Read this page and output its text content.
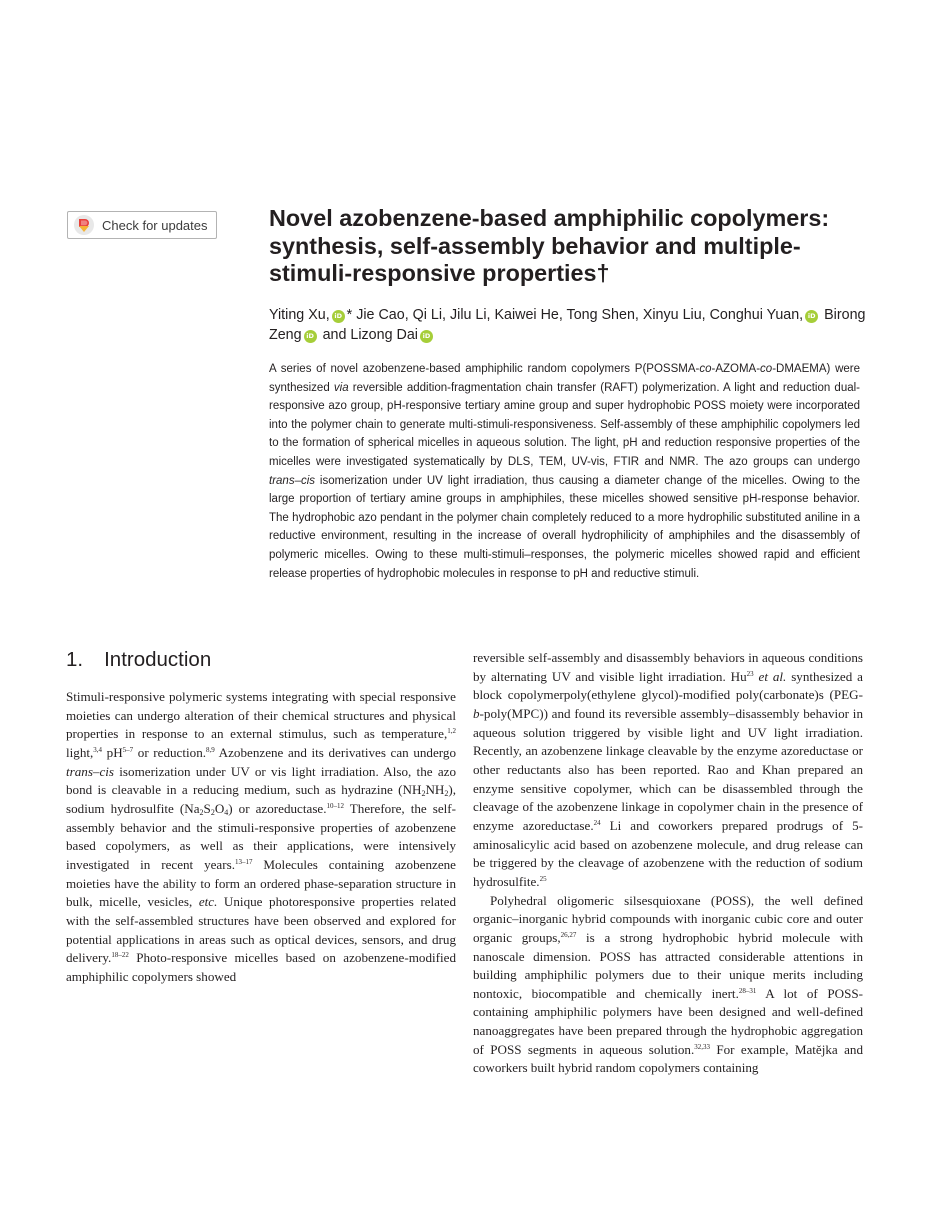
Check for updates	Novel azobenzene-based amphiphilic copolymers: synthesis, self-assembly behavior and multiple-stimuli-responsive properties†
Yiting Xu, iD * Jie Cao, Qi Li, Jilu Li, Kaiwei He, Tong Shen, Xinyu Liu, Conghui Yuan, iD Birong Zeng iD and Lizong Dai iD
A series of novel azobenzene-based amphiphilic random copolymers P(POSSMA-co-AZOMA-co-DMAEMA) were synthesized via reversible addition-fragmentation chain transfer (RAFT) polymerization. A light and reduction dual-responsive azo group, pH-responsive tertiary amine group and super hydrophobic POSS moiety were incorporated into the polymer chain to generate multi-stimuli-responsiveness. Self-assembly of these amphiphilic copolymers led to the formation of spherical micelles in aqueous solution. The light, pH and reduction responsive properties of the micelles were investigated systematically by DLS, TEM, UV-vis, FTIR and NMR. The azo groups can undergo trans–cis isomerization under UV light irradiation, thus causing a diameter change of the micelles. Owing to the large proportion of tertiary amine groups in amphiphiles, these micelles showed sensitive pH-response behavior. The hydrophobic azo pendant in the polymer chain completely reduced to a more hydrophilic substituted aniline in a reductive environment, resulting in the increase of overall hydrophilicity of amphiphiles and the disassembly of polymeric micelles. Owing to these multi-stimuli–responses, the polymeric micelles showed rapid and efficient release properties of hydrophobic molecules in response to pH and reductive stimuli.
1. Introduction

Stimuli-responsive polymeric systems integrating with special responsive moieties can undergo alteration of their chemical structures and physical properties in response to an external stimulus, such as temperature,$^{1,2}$ light,$^{3,4}$ $pH^{5-7}$ or reduction.$^{8,9}$ Azobenzene and its derivatives can undergo trans–cis isomerization under UV or vis light irradiation. Also, the azo bond is cleavable in a reducing medium, such as hydrazine $(NH_2NH_2)$, sodium hydrosulfite $(Na_2S_2O_4)$ or azoreductase.$^{10-12}$ Therefore, the self-assembly behavior and the stimuli-responsive properties of azobenzene based copolymers, as well as their applications, were intensively investigated in recent years.$^{13-17}$ Molecules containing azobenzene moieties have the ability to form an ordered phase-separation structure in bulk, micelle, vesicles, etc. Unique photoresponsive properties related with the self-assembled structures have been observed and explored for potential applications in areas such as optical devices, sensors, and drug delivery.$^{18-22}$ Photo-responsive micelles based on azobenzene-modified amphiphilic copolymers showed

reversible self-assembly and disassembly behaviors in aqueous conditions by alternating UV and visible light irradiation. Hu$^{23}$ et al. synthesized a block copolymerpoly(ethylene glycol)-modified poly(carbonate)s (PEG-b-poly(MPC)) and found its reversible assembly–disassembly behavior in aqueous solution triggered by visible light and UV light irradiation. Recently, an azobenzene linkage cleavable by the enzyme azoreductase or other reductants also has been reported. Rao and Khan prepared an enzyme sensitive copolymer, which can be disassembled through the cleavage of the azobenzene linkage in copolymer chain in the presence of enzyme azoreductase.$^{24}$ Li and coworkers prepared prodrugs of 5-aminosalicylic acid based on azobenzene molecule, and drug release can be triggered by the cleavage of azobenzene with the reduction of sodium hydrosulfite.$^{25}$

Polyhedral oligomeric silsesquioxane (POSS), the well defined organic–inorganic hybrid compounds with inorganic cubic core and outer organic groups,$^{26,27}$ is a strong hydrophobic hybrid molecule with nanoscale dimension. POSS has attracted considerable attentions in building amphiphilic polymers due to their unique merits including nontoxic, biocompatible and chemically inert.$^{28-31}$ A lot of POSS-containing amphiphilic polymers have been designed and well-defined nanoaggregates have been prepared through the hydrophobic aggregation of POSS segments in aqueous solution.$^{32,33}$ For example, Matějka and coworkers built hybrid random copolymers containing
